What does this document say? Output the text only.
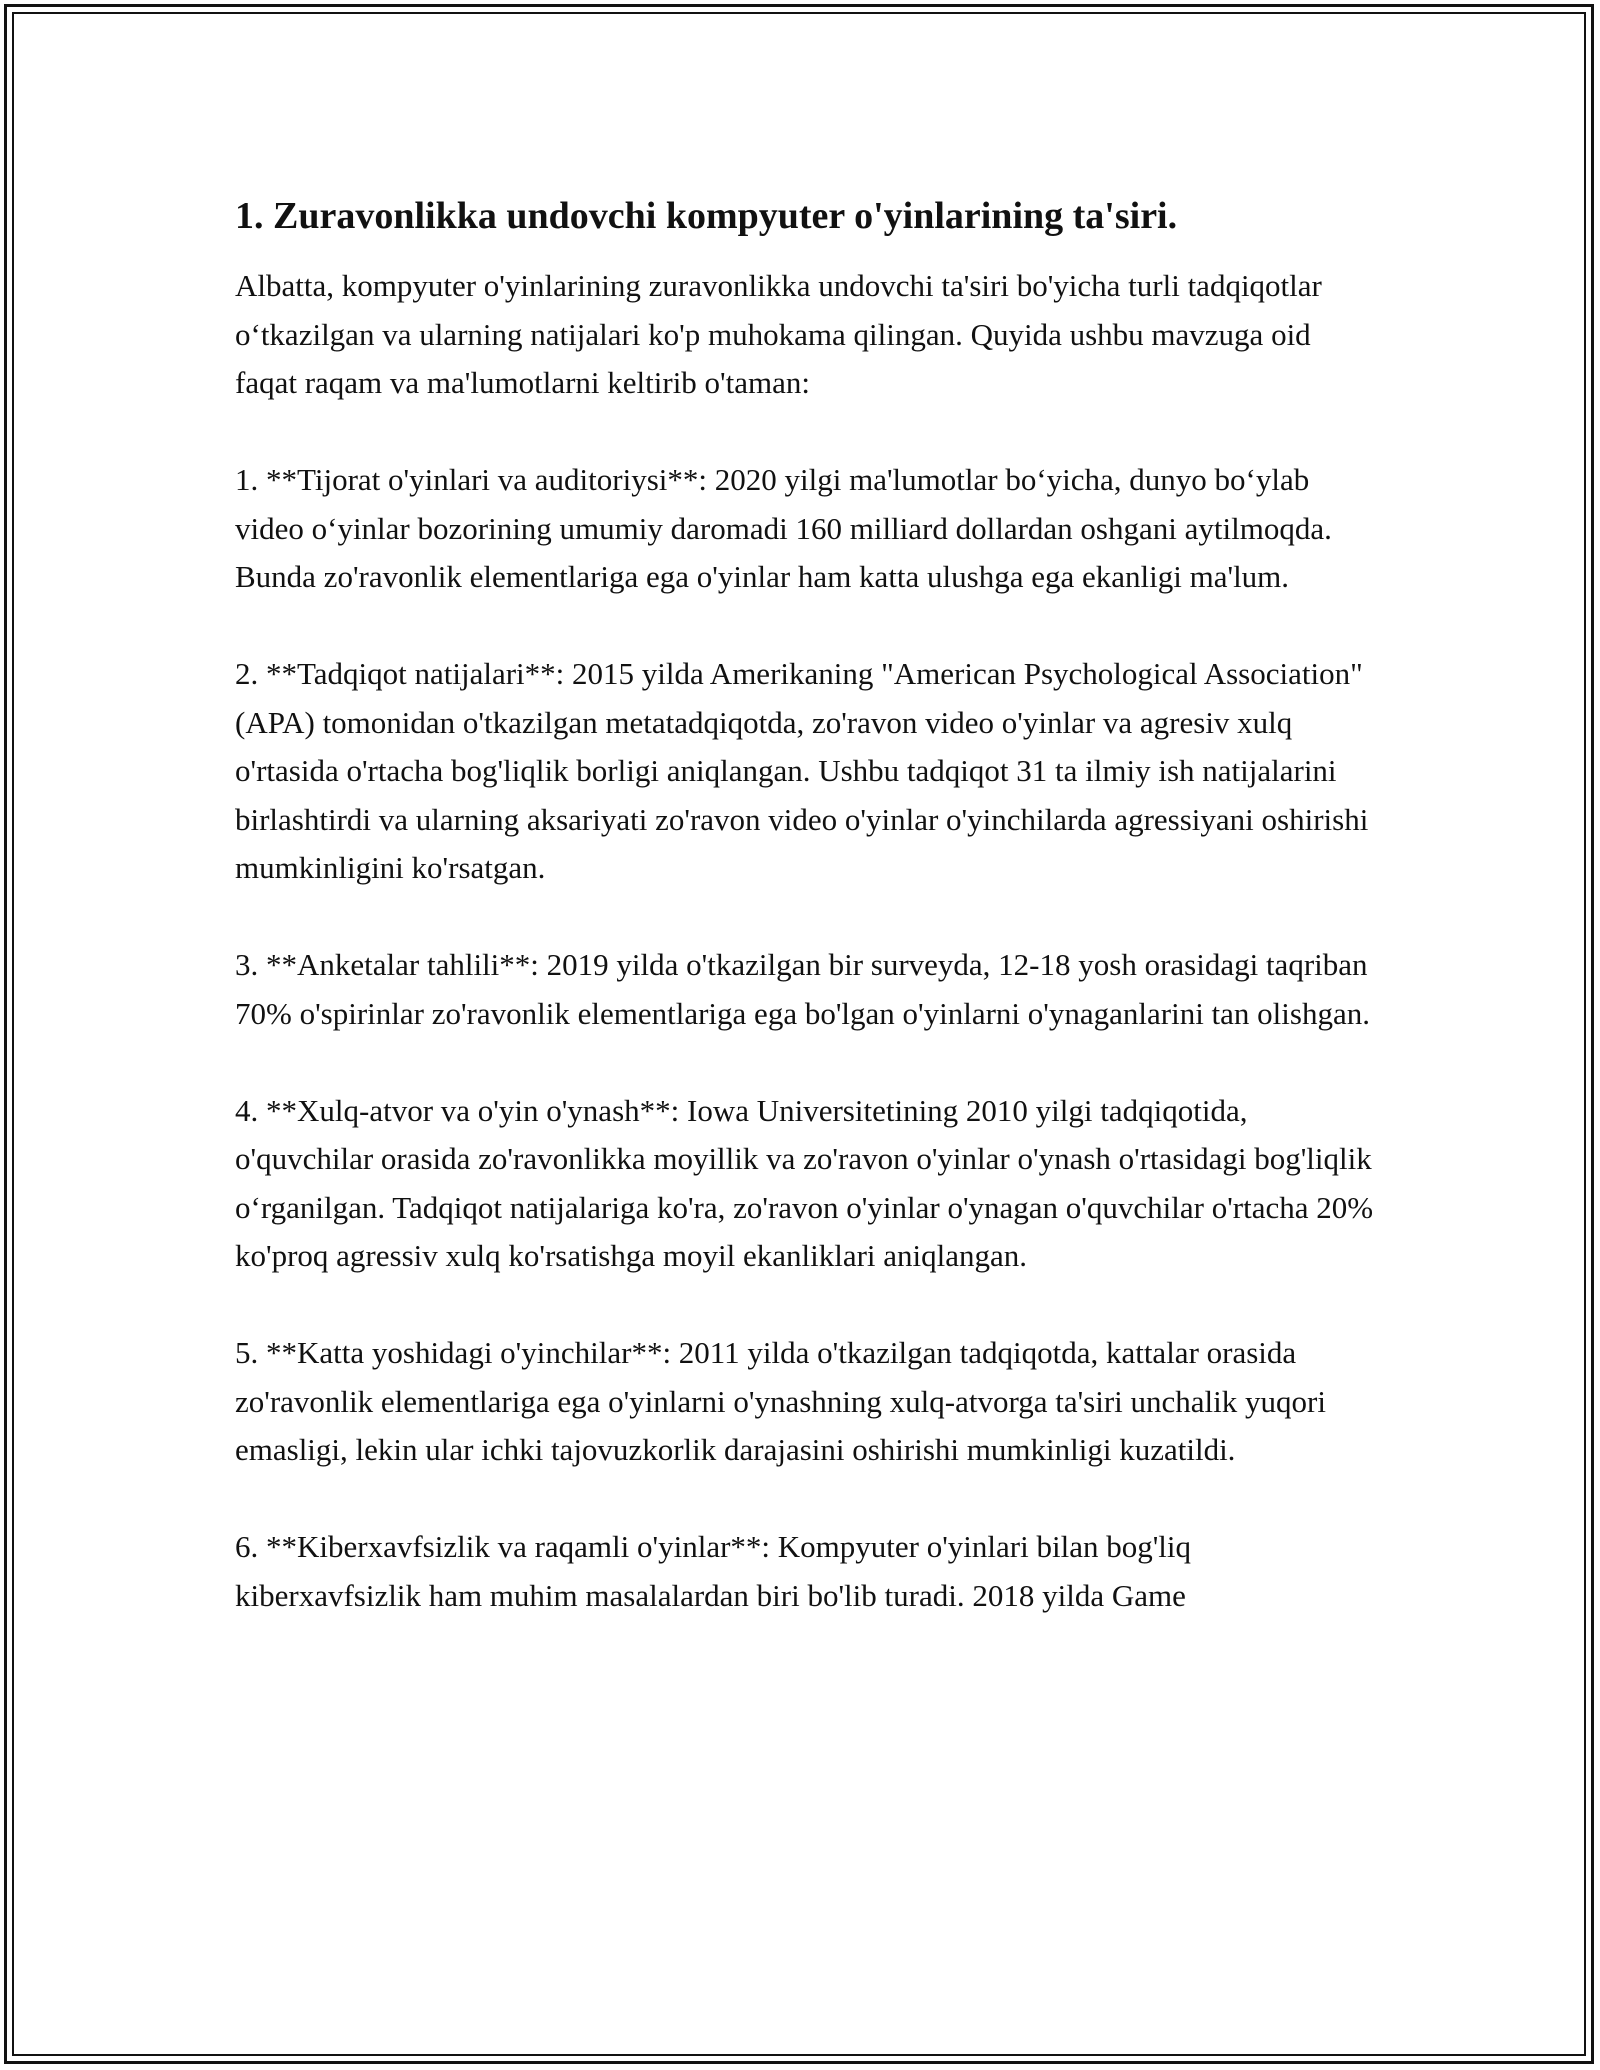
1. Zuravonlikka undovchi kompyuter o'yinlarining ta'siri.

Albatta, kompyuter o'yinlarining zuravonlikka undovchi ta'siri bo'yicha turli tadqiqotlar o‘tkazilgan va ularning natijalari ko'p muhokama qilingan. Quyida ushbu mavzuga oid faqat raqam va ma'lumotlarni keltirib o'taman:

1. **Tijorat o'yinlari va auditoriysi**: 2020 yilgi ma'lumotlar bo‘yicha, dunyo bo‘ylab video o‘yinlar bozorining umumiy daromadi 160 milliard dollardan oshgani aytilmoqda. Bunda zo'ravonlik elementlariga ega o'yinlar ham katta ulushga ega ekanligi ma'lum.

2. **Tadqiqot natijalari**: 2015 yilda Amerikaning "American Psychological Association" (APA) tomonidan o'tkazilgan metatadqiqotda, zo'ravon video o'yinlar va agresiv xulq o'rtasida o'rtacha bog'liqlik borligi aniqlangan. Ushbu tadqiqot 31 ta ilmiy ish natijalarini birlashtirdi va ularning aksariyati zo'ravon video o'yinlar o'yinchilarda agressiyani oshirishi mumkinligini ko'rsatgan.

3. **Anketalar tahlili**: 2019 yilda o'tkazilgan bir surveyda, 12-18 yosh orasidagi taqriban 70% o'spirinlar zo'ravonlik elementlariga ega bo'lgan o'yinlarni o'ynaganlarini tan olishgan.

4. **Xulq-atvor va o'yin o'ynash**: Iowa Universitetining 2010 yilgi tadqiqotida, o'quvchilar orasida zo'ravonlikka moyillik va zo'ravon o'yinlar o'ynash o'rtasidagi bog'liqlik o‘rganilgan. Tadqiqot natijalariga ko'ra, zo'ravon o'yinlar o'ynagan o'quvchilar o'rtacha 20% ko'proq agressiv xulq ko'rsatishga moyil ekanliklari aniqlangan.

5. **Katta yoshidagi o'yinchilar**: 2011 yilda o'tkazilgan tadqiqotda, kattalar orasida zo'ravonlik elementlariga ega o'yinlarni o'ynashning xulq-atvorga ta'siri unchalik yuqori emasligi, lekin ular ichki tajovuzkorlik darajasini oshirishi mumkinligi kuzatildi.

6. **Kiberxavfsizlik va raqamli o'yinlar**: Kompyuter o'yinlari bilan bog'liq kiberxavfsizlik ham muhim masalalardan biri bo'lib turadi. 2018 yilda Game
